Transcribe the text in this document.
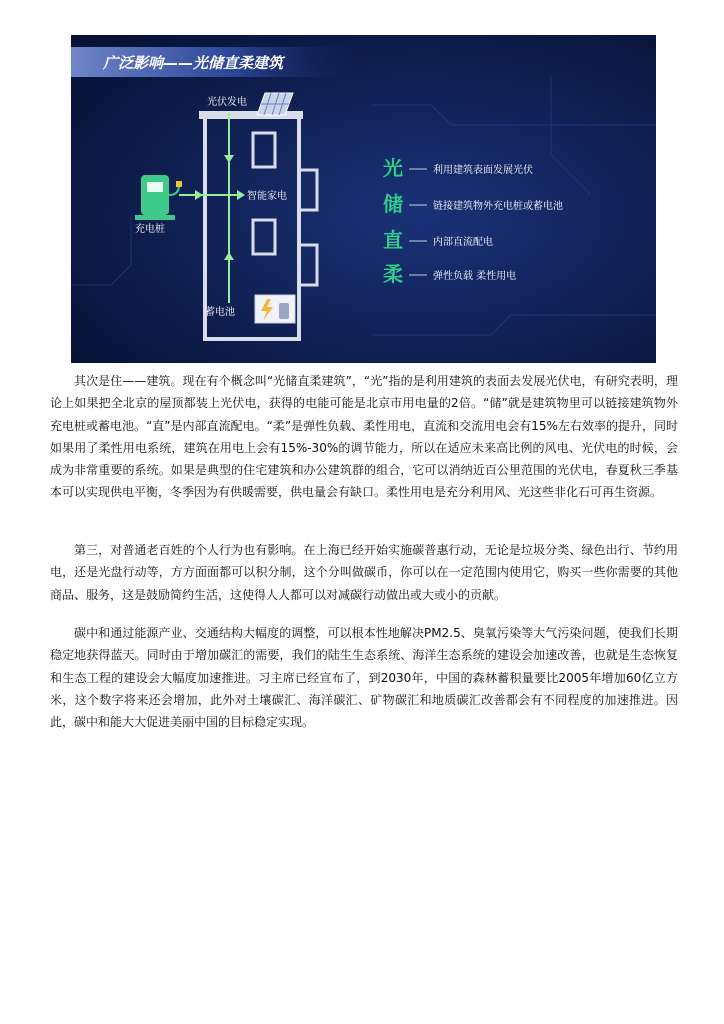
广泛影响——光储直柔建筑
光伏发电
充电桩
智能家电
蓄电池
光	利用建筑表面发展光伏
储	链接建筑物外充电桩或蓄电池
直	内部直流配电
柔	弹性负载 柔性用电

其次是住——建筑。现在有个概念叫“光储直柔建筑”，“光”指的是利用建筑的表面去发展光伏电，有研究表明，理论上如果把全北京的屋顶都装上光伏电，获得的电能可能是北京市用电量的2倍。“储”就是建筑物里可以链接建筑物外充电桩或蓄电池。“直”是内部直流配电。“柔”是弹性负载、柔性用电，直流和交流用电会有15%左右效率的提升，同时如果用了柔性用电系统，建筑在用电上会有15%-30%的调节能力，所以在适应未来高比例的风电、光伏电的时候，会成为非常重要的系统。如果是典型的住宅建筑和办公建筑群的组合，它可以消纳近百公里范围的光伏电，春夏秋三季基本可以实现供电平衡，冬季因为有供暖需要，供电量会有缺口。柔性用电是充分利用风、光这些非化石可再生资源。

第三，对普通老百姓的个人行为也有影响。在上海已经开始实施碳普惠行动，无论是垃圾分类、绿色出行、节约用电，还是光盘行动等，方方面面都可以积分制，这个分叫做碳币，你可以在一定范围内使用它，购买一些你需要的其他商品、服务，这是鼓励简约生活，这使得人人都可以对减碳行动做出或大或小的贡献。

碳中和通过能源产业、交通结构大幅度的调整，可以根本性地解决PM2.5、臭氧污染等大气污染问题，使我们长期稳定地获得蓝天。同时由于增加碳汇的需要，我们的陆生生态系统、海洋生态系统的建设会加速改善，也就是生态恢复和生态工程的建设会大幅度加速推进。习主席已经宣布了，到2030年，中国的森林蓄积量要比2005年增加60亿立方米，这个数字将来还会增加，此外对土壤碳汇、海洋碳汇、矿物碳汇和地质碳汇改善都会有不同程度的加速推进。因此，碳中和能大大促进美丽中国的目标稳定实现。
